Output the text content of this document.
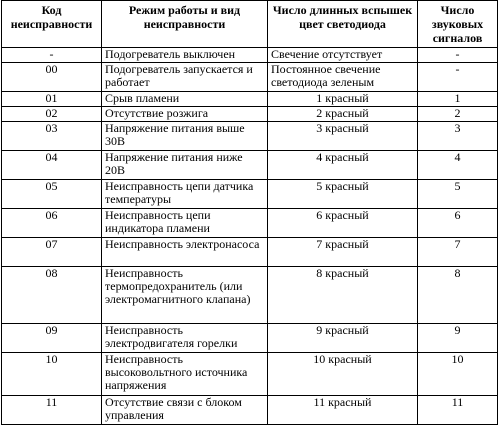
Код неисправности	Режим работы и вид неисправности	Число длинных вспышек цвет светодиода	Число звуковых сигналов
-	Подогреватель выключен	Свечение отсутствует	-
00	Подогреватель запускается и работает	Постоянное свечение светодиода зеленым	-
01	Срыв пламени	1 красный	1
02	Отсутствие розжига	2 красный	2
03	Напряжение питания выше 30В	3 красный	3
04	Напряжение питания ниже 20В	4 красный	4
05	Неисправность цепи датчика температуры	5 красный	5
06	Неисправность цепи индикатора пламени	6 красный	6
07	Неисправность электронасоса	7 красный	7
08	Неисправность термопредохранитель (или электромагнитного клапана)	8 красный	8
09	Неисправность электродвигателя горелки	9 красный	9
10	Неисправность высоковольтного источника напряжения	10 красный	10
11	Отсутствие связи с блоком управления	11 красный	11
